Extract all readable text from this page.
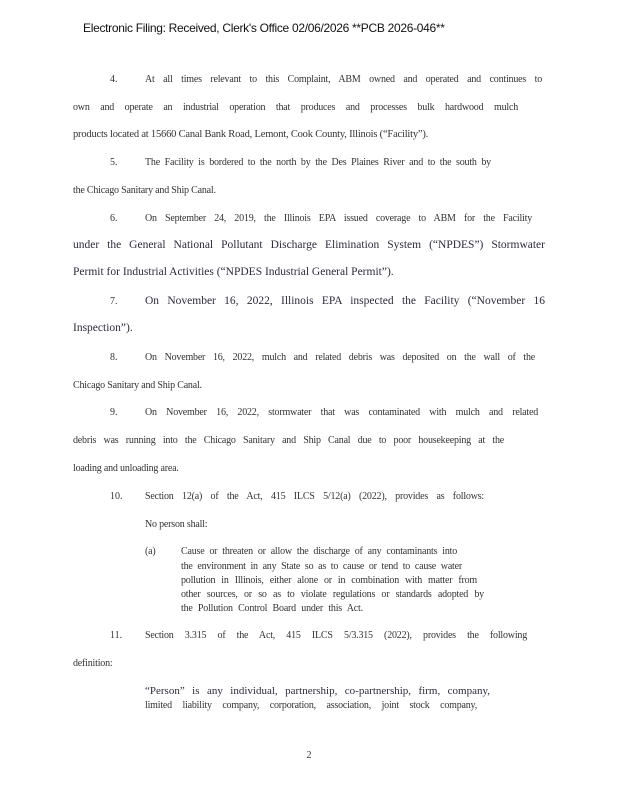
Electronic Filing: Received, Clerk's Office 02/06/2026 **PCB 2026-046**
4.	At all times relevant to this Complaint, ABM owned and operated and continues to
own and operate an industrial operation that produces and processes bulk hardwood mulch
products located at 15660 Canal Bank Road, Lemont, Cook County, Illinois (“Facility”).
5.	The Facility is bordered to the north by the Des Plaines River and to the south by
the Chicago Sanitary and Ship Canal.
6.	On September 24, 2019, the Illinois EPA issued coverage to ABM for the Facility
under the General National Pollutant Discharge Elimination System (“NPDES”) Stormwater
Permit for Industrial Activities (“NPDES Industrial General Permit”).
7. On November 16, 2022, Illinois EPA inspected the Facility (“November 16
Inspection”).
8.	On November 16, 2022, mulch and related debris was deposited on the wall of the
Chicago Sanitary and Ship Canal.
9.	On November 16, 2022, stormwater that was contaminated with mulch and related
debris was running into the Chicago Sanitary and Ship Canal due to poor housekeeping at the
loading and unloading area.
10. Section 12(a) of the Act, 415 ILCS 5/12(a) (2022), provides as follows:
No person shall:
(a)	Cause or threaten or allow the discharge of any contaminants into
the environment in any State so as to cause or tend to cause water
pollution in Illinois, either alone or in combination with matter from
other sources, or so as to violate regulations or standards adopted by
the Pollution Control Board under this Act.
11. Section 3.315 of the Act, 415 ILCS 5/3.315 (2022), provides the following
definition:
“Person” is any individual, partnership, co-partnership, firm, company,
limited liability company, corporation, association, joint stock company,
2
